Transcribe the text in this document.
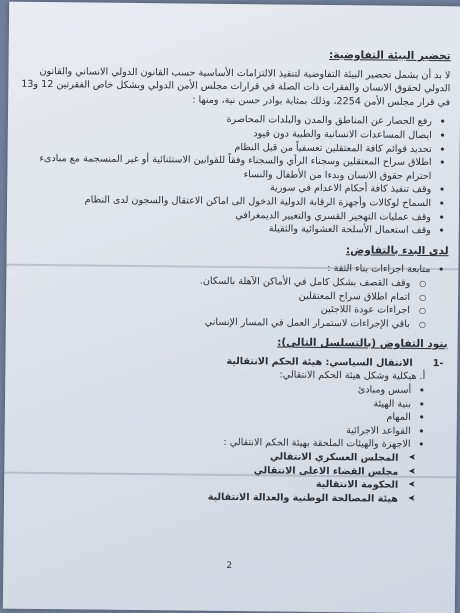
تحضير البيئة التفاوضية:
لا بد أن يشمل تحضير البيئة التفاوضية لتنفيذ الالتزامات الأساسية حسب القانون الدولي الانساني والقانون الدولي لحقوق الانسان والفقرات ذات الصلة في قرارات مجلس الأمن الدولي وبشكل خاص الفقرتين 12 و13 في قرار مجلس الأمن 2254، وذلك بمثابة بوادر حسن نية، ومنها :
• رفع الحصار عن المناطق والمدن والبلدات المحاصرة
• ايصال المساعدات الانسانية والطبية دون قيود
• تحديد قوائم كافة المعتقلين تعسفياً من قبل النظام
• اطلاق سراح المعتقلين وسجناء الرأي والسجناء وفقاً للقوانين الاستثنائية أو غير المنسجمة مع مبادىء احترام حقوق الانسان وبدءا من الأطفال والنساء
• وقف تنفيذ كافة أحكام الاعدام في سورية
• السماح لوكالات وأجهزة الرقابة الدولية الدخول الى اماكن الاعتقال والسجون لدى النظام
• وقف عمليات التهجير القسري والتغيير الديمغرافي
• وقف استعمال الأسلحة العشوائية والثقيلة
لدى البدء بالتفاوض:
• متابعة اجراءات بناء الثقة :
○ وقف القصف بشكل كامل في الأماكن الآهلة بالسكان.
○ اتمام اطلاق سراح المعتقلين
○ اجراءات عودة اللاجئين
○ باقي الإجراءات لاستمرار العمل في المسار الإنساني
بنود التفاوض (بالتسلسل التالي):
-1الانتقال السياسي: هيئة الحكم الانتقالية
أ. هيكلية وشكل هيئة الحكم الانتقالي:
• أسس ومبادئ
• بنية الهيئة
• المهام
• القواعد الاجرائية
• الاجهزة والهيئات الملحقة بهيئة الحكم الانتقالي :
➤ المجلس العسكري الانتقالي
➤ مجلس القضاء الاعلى الانتقالي
➤ الحكومة الانتقالية
➤ هيئة المصالحة الوطنية والعدالة الانتقالية
2
